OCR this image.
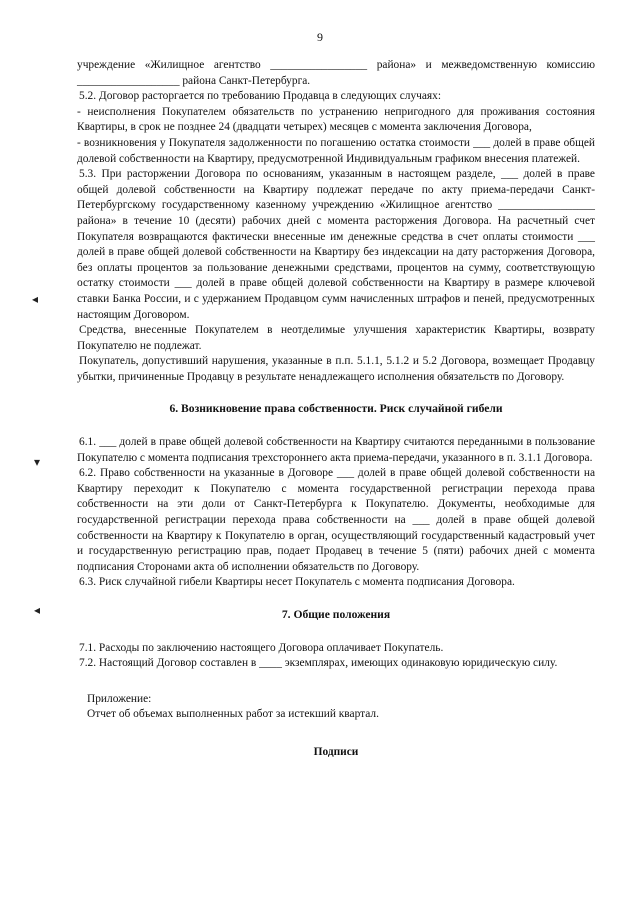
9
◂
▾
◂

учреждение «Жилищное агентство _________________ района» и межведомственную комиссию __________________ района Санкт-Петербурга.

5.2. Договор расторгается по требованию Продавца в следующих случаях:

- неисполнения Покупателем обязательств по устранению непригодного для проживания состояния Квартиры, в срок не позднее 24 (двадцати четырех) месяцев с момента заключения Договора,

- возникновения у Покупателя задолженности по погашению остатка стоимости ___ долей в праве общей долевой собственности на Квартиру, предусмотренной Индивидуальным графиком внесения платежей.

5.3. При расторжении Договора по основаниям, указанным в настоящем разделе, ___ долей в праве общей долевой собственности на Квартиру подлежат передаче по акту приема-передачи Санкт-Петербургскому государственному казенному учреждению «Жилищное агентство _________________ района» в течение 10 (десяти) рабочих дней с момента расторжения Договора. На расчетный счет Покупателя возвращаются фактически внесенные им денежные средства в счет оплаты стоимости ___ долей в праве общей долевой собственности на Квартиру без индексации на дату расторжения Договора, без оплаты процентов за пользование денежными средствами, процентов на сумму, соответствующую остатку стоимости ___ долей в праве общей долевой собственности на Квартиру в размере ключевой ставки Банка России, и с удержанием Продавцом сумм начисленных штрафов и пеней, предусмотренных настоящим Договором.

Средства, внесенные Покупателем в неотделимые улучшения характеристик Квартиры, возврату Покупателю не подлежат.

Покупатель, допустивший нарушения, указанные в п.п. 5.1.1, 5.1.2 и 5.2 Договора, возмещает Продавцу убытки, причиненные Продавцу в результате ненадлежащего исполнения обязательств по Договору.

6. Возникновение права собственности. Риск случайной гибели

6.1. ___ долей в праве общей долевой собственности на Квартиру считаются переданными в пользование Покупателю с момента подписания трехстороннего акта приема-передачи, указанного в п. 3.1.1 Договора.

6.2. Право собственности на указанные в Договоре ___ долей в праве общей долевой собственности на Квартиру переходит к Покупателю с момента государственной регистрации перехода права собственности на эти доли от Санкт-Петербурга к Покупателю. Документы, необходимые для государственной регистрации перехода права собственности на ___ долей в праве общей долевой собственности на Квартиру к Покупателю в орган, осуществляющий государственный кадастровый учет и государственную регистрацию прав, подает Продавец в течение 5 (пяти) рабочих дней с момента подписания Сторонами акта об исполнении обязательств по Договору.

6.3. Риск случайной гибели Квартиры несет Покупатель с момента подписания Договора.

7. Общие положения

7.1. Расходы по заключению настоящего Договора оплачивает Покупатель.

7.2. Настоящий Договор составлен в ____ экземплярах, имеющих одинаковую юридическую силу.

Приложение:

Отчет об объемах выполненных работ за истекший квартал.

Подписи
